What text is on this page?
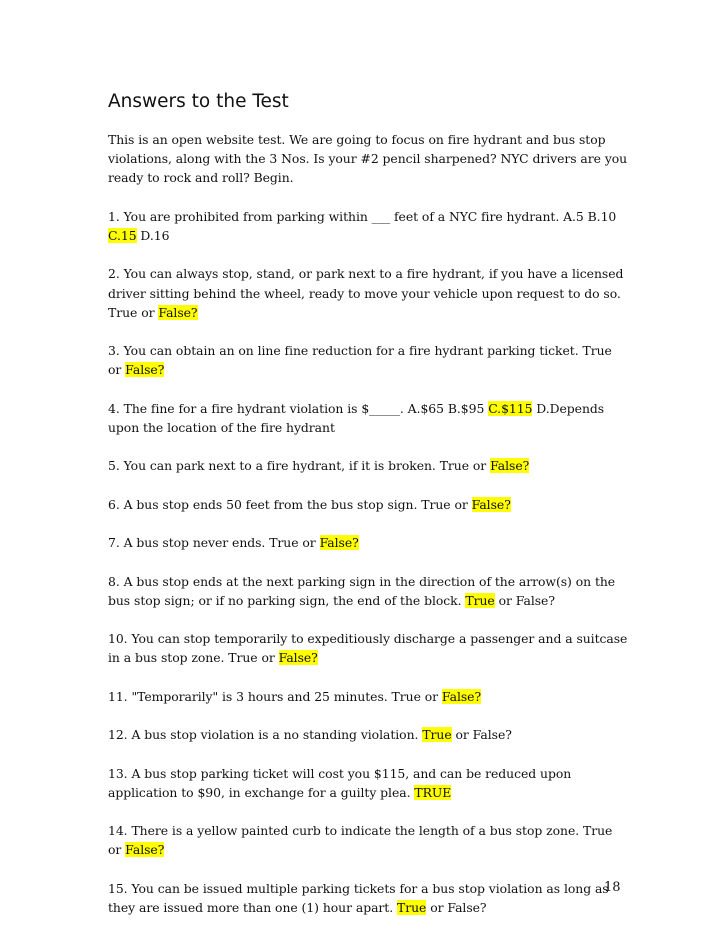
Answers to the Test

This is an open website test. We are going to focus on fire hydrant and bus stop violations, along with the 3 Nos. Is your #2 pencil sharpened? NYC drivers are you ready to rock and roll? Begin.

1. You are prohibited from parking within ___ feet of a NYC fire hydrant. A.5 B.10 C.15 D.16

2. You can always stop, stand, or park next to a fire hydrant, if you have a licensed driver sitting behind the wheel, ready to move your vehicle upon request to do so. True or False?

3. You can obtain an on line fine reduction for a fire hydrant parking ticket. True or False?

4. The fine for a fire hydrant violation is $_____. A.$65 B.$95 C.$115 D.Depends upon the location of the fire hydrant

5. You can park next to a fire hydrant, if it is broken. True or False?

6. A bus stop ends 50 feet from the bus stop sign. True or False?

7. A bus stop never ends. True or False?

8. A bus stop ends at the next parking sign in the direction of the arrow(s) on the bus stop sign; or if no parking sign, the end of the block. True or False?

10. You can stop temporarily to expeditiously discharge a passenger and a suitcase in a bus stop zone. True or False?

11. "Temporarily" is 3 hours and 25 minutes. True or False?

12. A bus stop violation is a no standing violation. True or False?

13. A bus stop parking ticket will cost you $115, and can be reduced upon application to $90, in exchange for a guilty plea. TRUE

14. There is a yellow painted curb to indicate the length of a bus stop zone. True or False?

15. You can be issued multiple parking tickets for a bus stop violation as long as they are issued more than one (1) hour apart. True or False?

18
